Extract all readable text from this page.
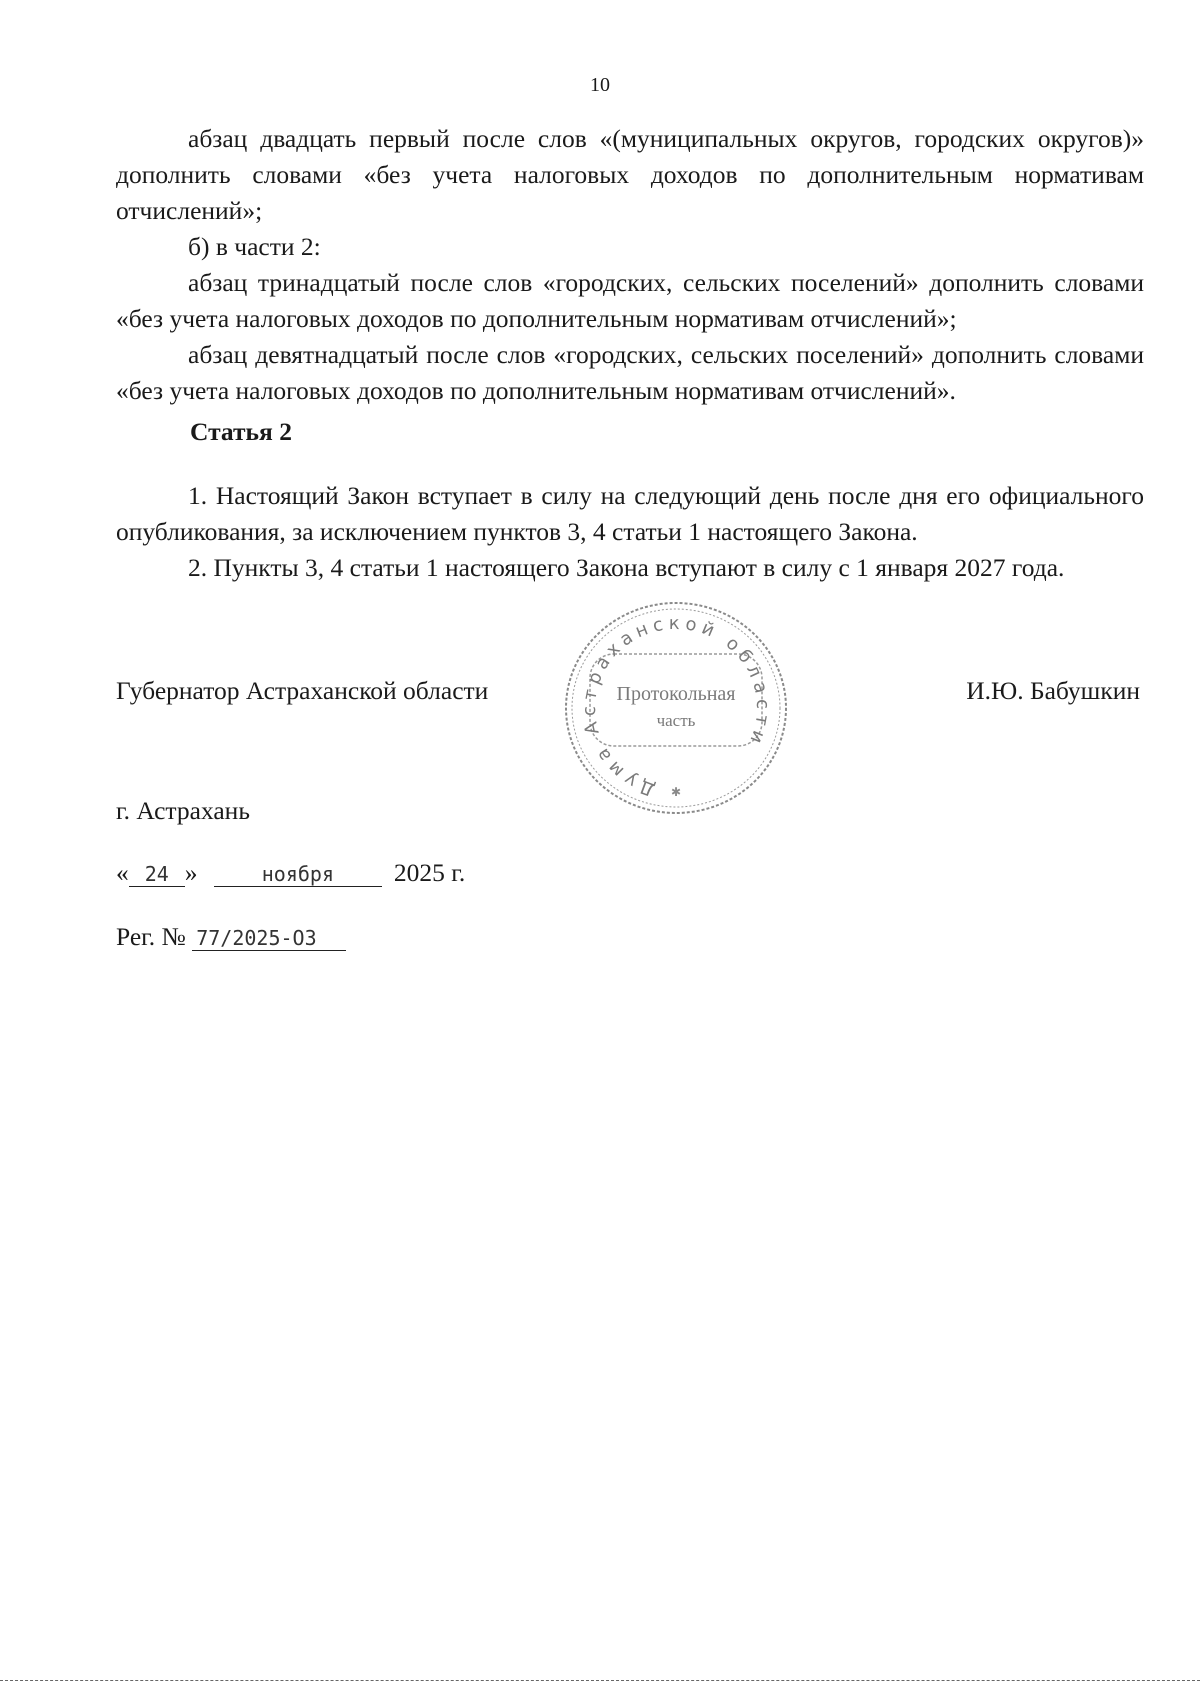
10

абзац двадцать первый после слов «(муниципальных округов, городских округов)» дополнить словами «без учета налоговых доходов по дополнительным нормативам отчислений»;

б) в части 2:

абзац тринадцатый после слов «городских, сельских поселений» дополнить словами «без учета налоговых доходов по дополнительным нормативам отчислений»;

абзац девятнадцатый после слов «городских, сельских поселений» дополнить словами «без учета налоговых доходов по дополнительным нормативам отчислений».

Статья 2

1. Настоящий Закон вступает в силу на следующий день после дня его официального опубликования, за исключением пунктов 3, 4 статьи 1 настоящего Закона.

2. Пункты 3, 4 статьи 1 настоящего Закона вступают в силу с 1 января 2027 года.

Губернатор Астраханской области
Дума Астраханской области
Протокольная
часть
✱
И.Ю. Бабушкин
г. Астрахань
« 24 »	ноября 2025 г.
Рег. № 77/2025-ОЗ
